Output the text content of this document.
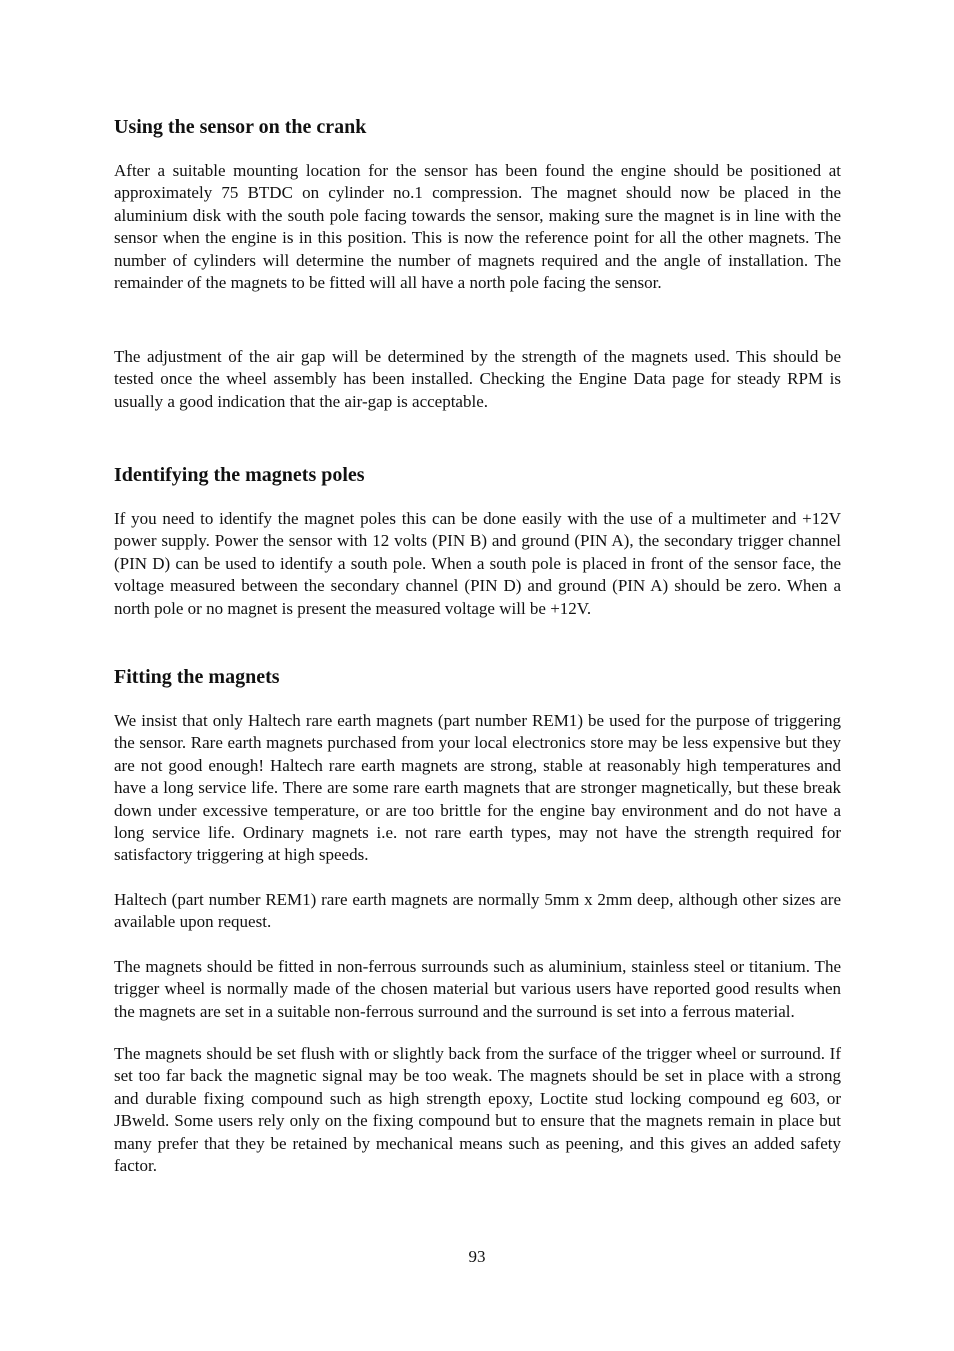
Using the sensor on the crank

After a suitable mounting location for the sensor has been found the engine should be positioned at approximately 75 BTDC on cylinder no.1 compression. The magnet should now be placed in the aluminium disk with the south pole facing towards the sensor, making sure the magnet is in line with the sensor when the engine is in this position. This is now the reference point for all the other magnets. The number of cylinders will determine the number of magnets required and the angle of installation. The remainder of the magnets to be fitted will all have a north pole facing the sensor.

The adjustment of the air gap will be determined by the strength of the magnets used. This should be tested once the wheel assembly has been installed. Checking the Engine Data page for steady RPM is usually a good indication that the air-gap is acceptable.

Identifying the magnets poles

If you need to identify the magnet poles this can be done easily with the use of a multimeter and +12V power supply. Power the sensor with 12 volts (PIN B) and ground (PIN A), the secondary trigger channel (PIN D) can be used to identify a south pole. When a south pole is placed in front of the sensor face, the voltage measured between the secondary channel (PIN D) and ground (PIN A) should be zero. When a north pole or no magnet is present the measured voltage will be +12V.

Fitting the magnets

We insist that only Haltech rare earth magnets (part number REM1) be used for the purpose of triggering the sensor. Rare earth magnets purchased from your local electronics store may be less expensive but they are not good enough! Haltech rare earth magnets are strong, stable at reasonably high temperatures and have a long service life. There are some rare earth magnets that are stronger magnetically, but these break down under excessive temperature, or are too brittle for the engine bay environment and do not have a long service life. Ordinary magnets i.e. not rare earth types, may not have the strength required for satisfactory triggering at high speeds.

Haltech (part number REM1) rare earth magnets are normally 5mm x 2mm deep, although other sizes are available upon request.

The magnets should be fitted in non-ferrous surrounds such as aluminium, stainless steel or titanium. The trigger wheel is normally made of the chosen material but various users have reported good results when the magnets are set in a suitable non-ferrous surround and the surround is set into a ferrous material.

The magnets should be set flush with or slightly back from the surface of the trigger wheel or surround. If set too far back the magnetic signal may be too weak. The magnets should be set in place with a strong and durable fixing compound such as high strength epoxy, Loctite stud locking compound eg 603, or JBweld. Some users rely only on the fixing compound but to ensure that the magnets remain in place but many prefer that they be retained by mechanical means such as peening, and this gives an added safety factor.

93
